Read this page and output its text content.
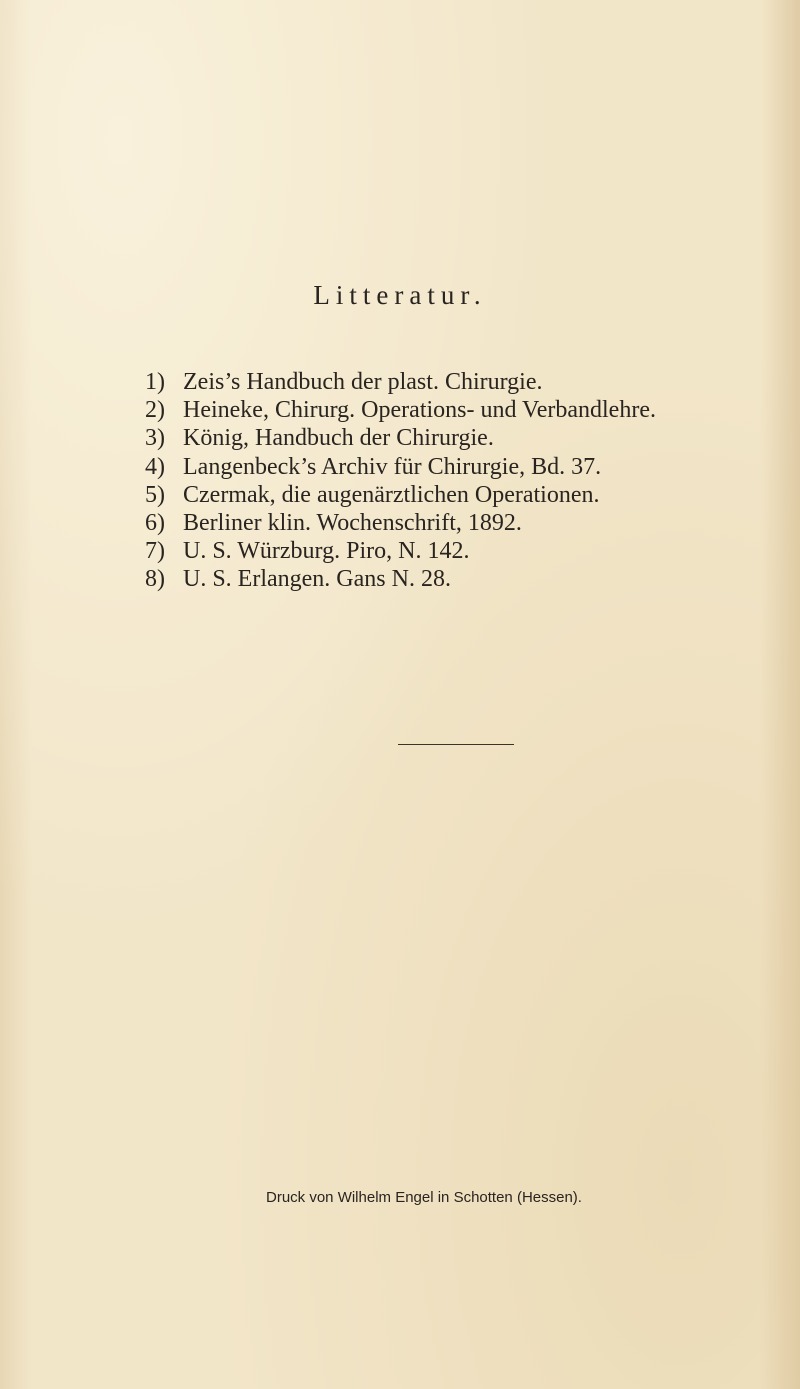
Litteratur.
1) Zeis’s Handbuch der plast. Chirurgie.
2) Heineke, Chirurg. Operations- und Verbandlehre.
3) König, Handbuch der Chirurgie.
4) Langenbeck’s Archiv für Chirurgie, Bd. 37.
5) Czermak, die augenärztlichen Operationen.
6) Berliner klin. Wochenschrift, 1892.
7) U. S. Würzburg. Piro, N. 142.
8) U. S. Erlangen. Gans N. 28.
Druck von Wilhelm Engel in Schotten (Hessen).
